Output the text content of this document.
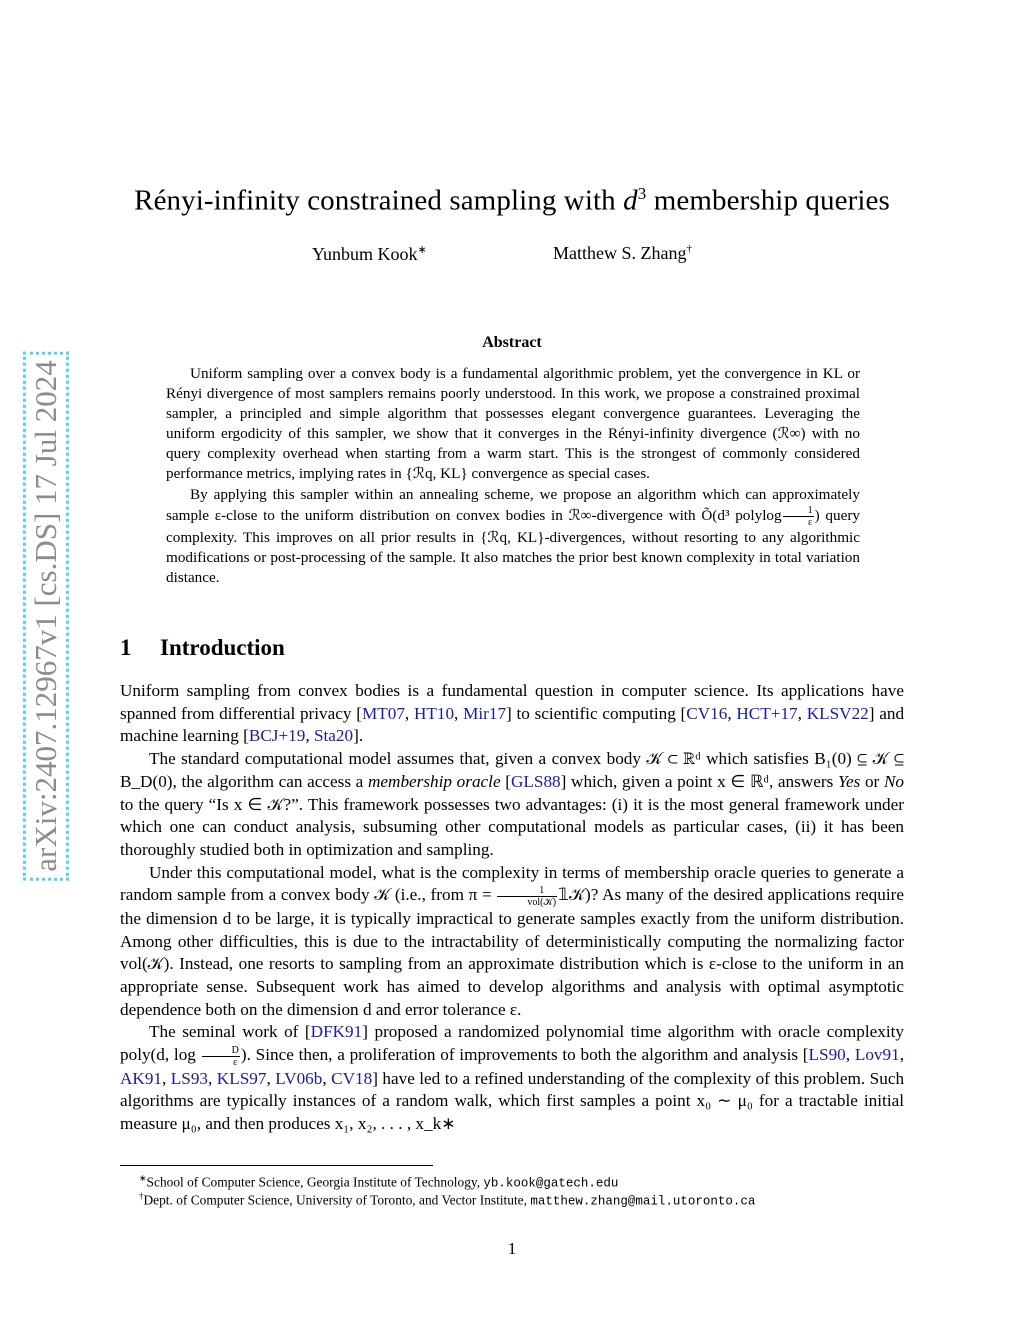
arXiv:2407.12967v1 [cs.DS] 17 Jul 2024
Rényi-infinity constrained sampling with $d^3$ membership queries
Yunbum Kook∗	Matthew S. Zhang†
Abstract

Uniform sampling over a convex body is a fundamental algorithmic problem, yet the convergence in KL or Rényi divergence of most samplers remains poorly understood. In this work, we propose a constrained proximal sampler, a principled and simple algorithm that possesses elegant convergence guarantees. Leveraging the uniform ergodicity of this sampler, we show that it converges in the Rényi-infinity divergence (ℛ∞) with no query complexity overhead when starting from a warm start. This is the strongest of commonly considered performance metrics, implying rates in {ℛq, KL} convergence as special cases.

By applying this sampler within an annealing scheme, we propose an algorithm which can approximately sample ε-close to the uniform distribution on convex bodies in ℛ∞-divergence with Õ(d³ polylog $\frac{1}{\varepsilon}$ ) query complexity. This improves on all prior results in {ℛq, KL}-divergences, without resorting to any algorithmic modifications or post-processing of the sample. It also matches the prior best known complexity in total variation distance.

1 Introduction

Uniform sampling from convex bodies is a fundamental question in computer science. Its applications have spanned from differential privacy [MT07, HT10, Mir17] to scientific computing [CV16, HCT+17, KLSV22] and machine learning [BCJ+19, Sta20].

The standard computational model assumes that, given a convex body 𝒦 ⊂ ℝᵈ which satisfies B₁(0) ⊆ 𝒦 ⊆ B_D(0), the algorithm can access a membership oracle [GLS88] which, given a point x ∈ ℝᵈ, answers Yes or No to the query “Is x ∈ 𝒦?”. This framework possesses two advantages: (i) it is the most general framework under which one can conduct analysis, subsuming other computational models as particular cases, (ii) it has been thoroughly studied both in optimization and sampling.

Under this computational model, what is the complexity in terms of membership oracle queries to generate a random sample from a convex body 𝒦 (i.e., from $\pi = \frac{1}{\text{vol(𝒦)}}$ 𝟙𝒦)? As many of the desired applications require the dimension d to be large, it is typically impractical to generate samples exactly from the uniform distribution. Among other difficulties, this is due to the intractability of deterministically computing the normalizing factor vol(𝒦). Instead, one resorts to sampling from an approximate distribution which is ε-close to the uniform in an appropriate sense. Subsequent work has aimed to develop algorithms and analysis with optimal asymptotic dependence both on the dimension d and error tolerance ε.

The seminal work of [DFK91] proposed a randomized polynomial time algorithm with oracle complexity poly(d, $\log \frac{D}{\varepsilon}$ ). Since then, a proliferation of improvements to both the algorithm and analysis [LS90, Lov91, AK91, LS93, KLS97, LV06b, CV18] have led to a refined understanding of the complexity of this problem. Such algorithms are typically instances of a random walk, which first samples a point x₀ ∼ μ₀ for a tractable initial measure μ₀, and then produces x₁, x₂, . . . , x_k∗

∗School of Computer Science, Georgia Institute of Technology, yb.kook@gatech.edu
†Dept. of Computer Science, University of Toronto, and Vector Institute, matthew.zhang@mail.utoronto.ca
1
